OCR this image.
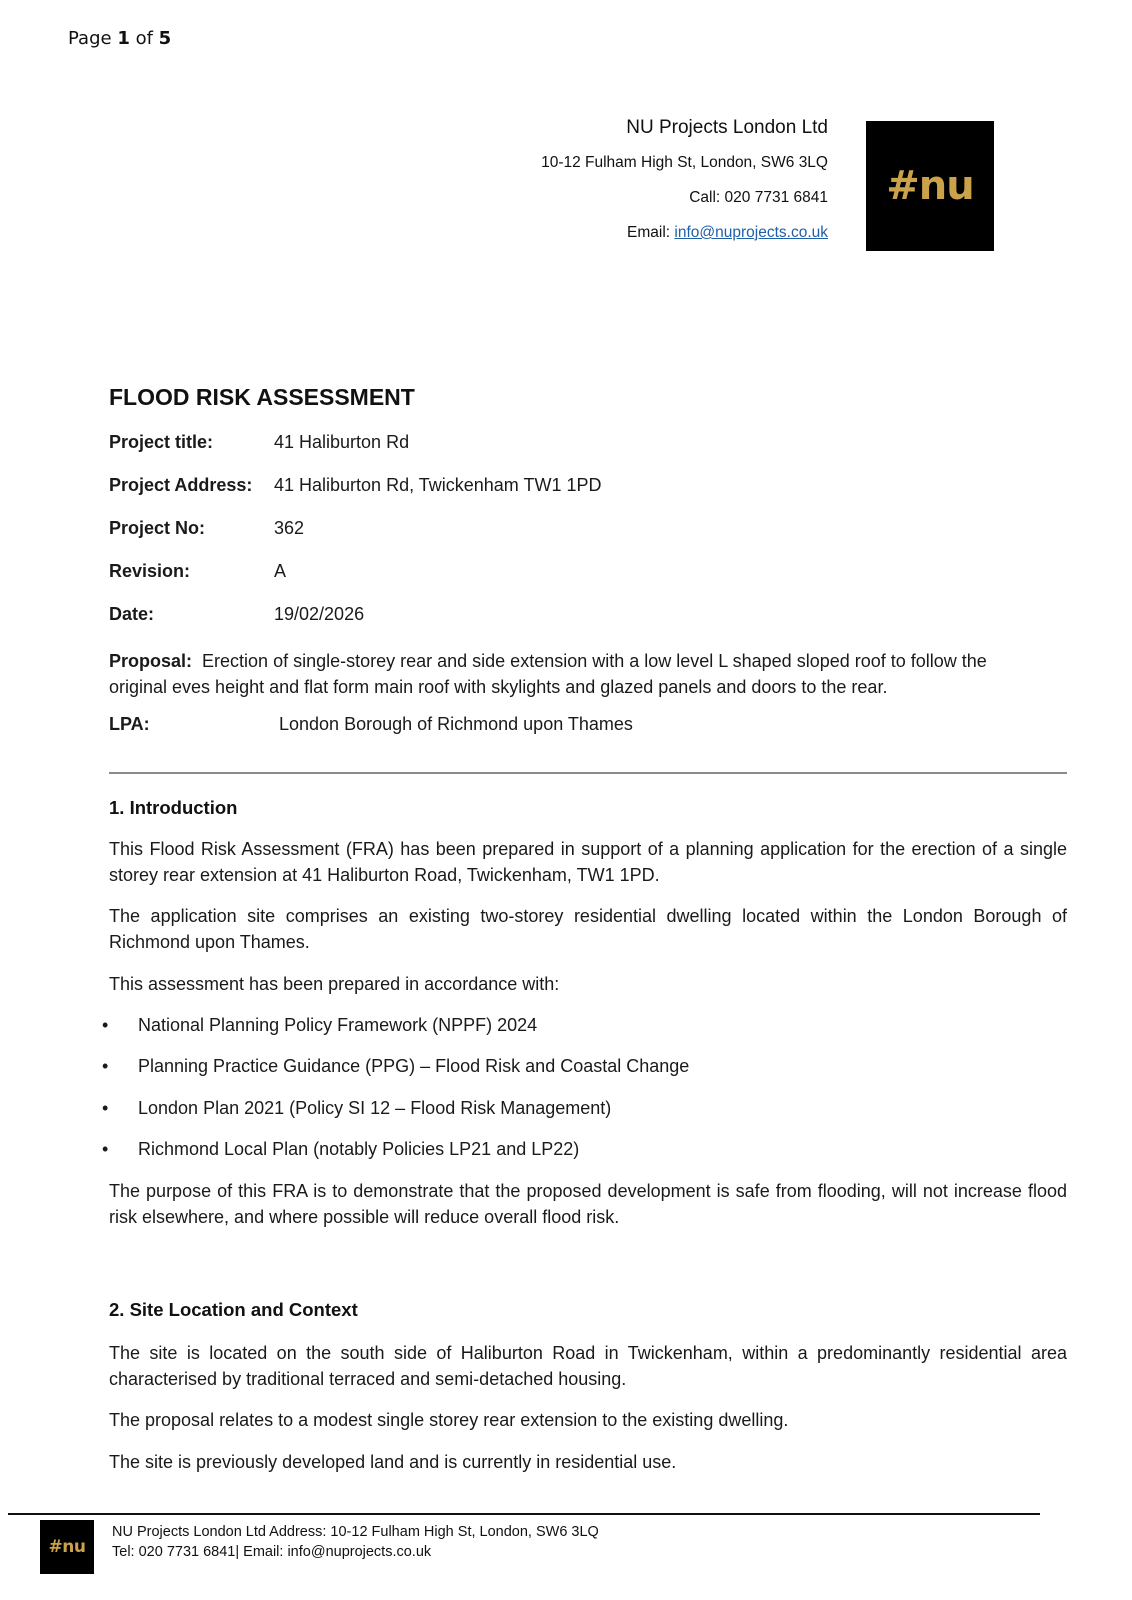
Page 1 of 5
NU Projects London Ltd
10-12 Fulham High St, London, SW6 3LQ
Call: 020 7731 6841
Email: info@nuprojects.co.uk
#nu
FLOOD RISK ASSESSMENT
Project title:	41 Haliburton Rd
Project Address: 41 Haliburton Rd, Twickenham TW1 1PD
Project No:	362
Revision:	A
Date:	19/02/2026
Proposal: Erection of single-storey rear and side extension with a low level L shaped sloped roof to follow the original eves height and flat form main roof with skylights and glazed panels and doors to the rear.
LPA:	London Borough of Richmond upon Thames
1. Introduction
This Flood Risk Assessment (FRA) has been prepared in support of a planning application for the erection of a single storey rear extension at 41 Haliburton Road, Twickenham, TW1 1PD.
The application site comprises an existing two-storey residential dwelling located within the London Borough of Richmond upon Thames.
This assessment has been prepared in accordance with:
• National Planning Policy Framework (NPPF) 2024
• Planning Practice Guidance (PPG) – Flood Risk and Coastal Change
• London Plan 2021 (Policy SI 12 – Flood Risk Management)
• Richmond Local Plan (notably Policies LP21 and LP22)
The purpose of this FRA is to demonstrate that the proposed development is safe from flooding, will not increase flood risk elsewhere, and where possible will reduce overall flood risk.
2. Site Location and Context
The site is located on the south side of Haliburton Road in Twickenham, within a predominantly residential area characterised by traditional terraced and semi-detached housing.
The proposal relates to a modest single storey rear extension to the existing dwelling.
The site is previously developed land and is currently in residential use.
#nu
NU Projects London Ltd Address: 10-12 Fulham High St, London, SW6 3LQ
Tel: 020 7731 6841| Email: info@nuprojects.co.uk
